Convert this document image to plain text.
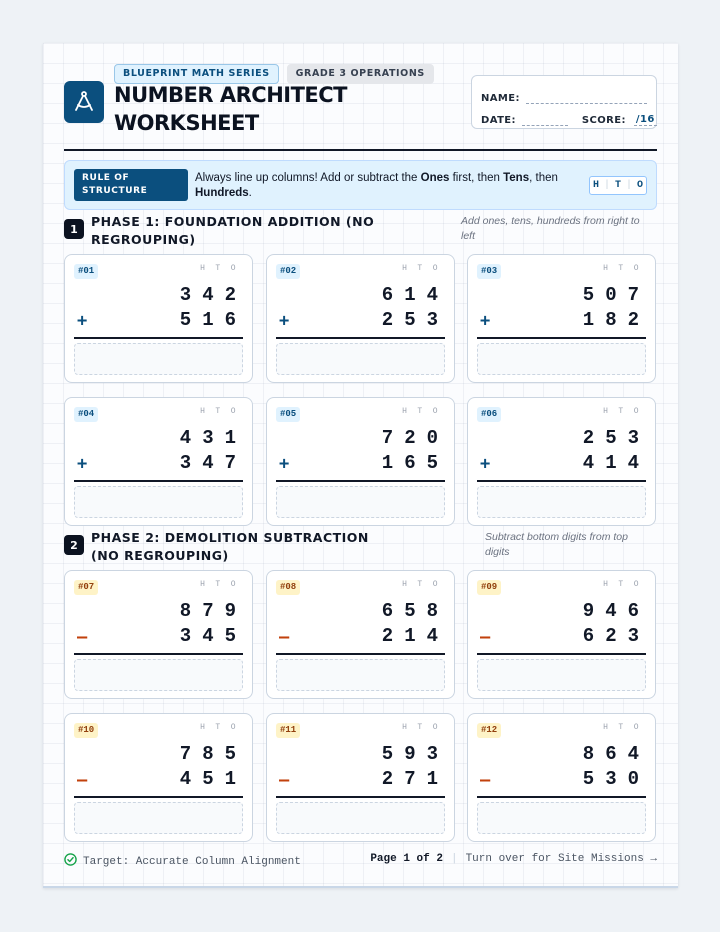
BLUEPRINT MATH SERIES	GRADE 3 OPERATIONS
NUMBER ARCHITECT WORKSHEET
NAME:
DATE:	SCORE: /16
RULE OF STRUCTURE
Always line up columns! Add or subtract the Ones first, then Tens, then Hundreds.
H | T | O
1	PHASE 1: FOUNDATION ADDITION (NO REGROUPING)
Add ones, tens, hundreds from right to left
#01	H T O
3 4 2
+	5 1 6
#02	H T O
6 1 4
+	2 5 3
#03	H T O
5 0 7
+	1 8 2
#04	H T O
4 3 1
+	3 4 7
#05	H T O
7 2 0
+	1 6 5
#06	H T O
2 5 3
+	4 1 4
2	PHASE 2: DEMOLITION SUBTRACTION (NO REGROUPING)
Subtract bottom digits from top digits
#07	H T O
8 7 9
–	3 4 5
#08	H T O
6 5 8
–	2 1 4
#09	H T O
9 4 6
–	6 2 3
#10	H T O
7 8 5
–	4 5 1
#11	H T O
5 9 3
–	2 7 1
#12	H T O
8 6 4
–	5 3 0
Target: Accurate Column Alignment	Page 1 of 2 | Turn over for Site Missions →
